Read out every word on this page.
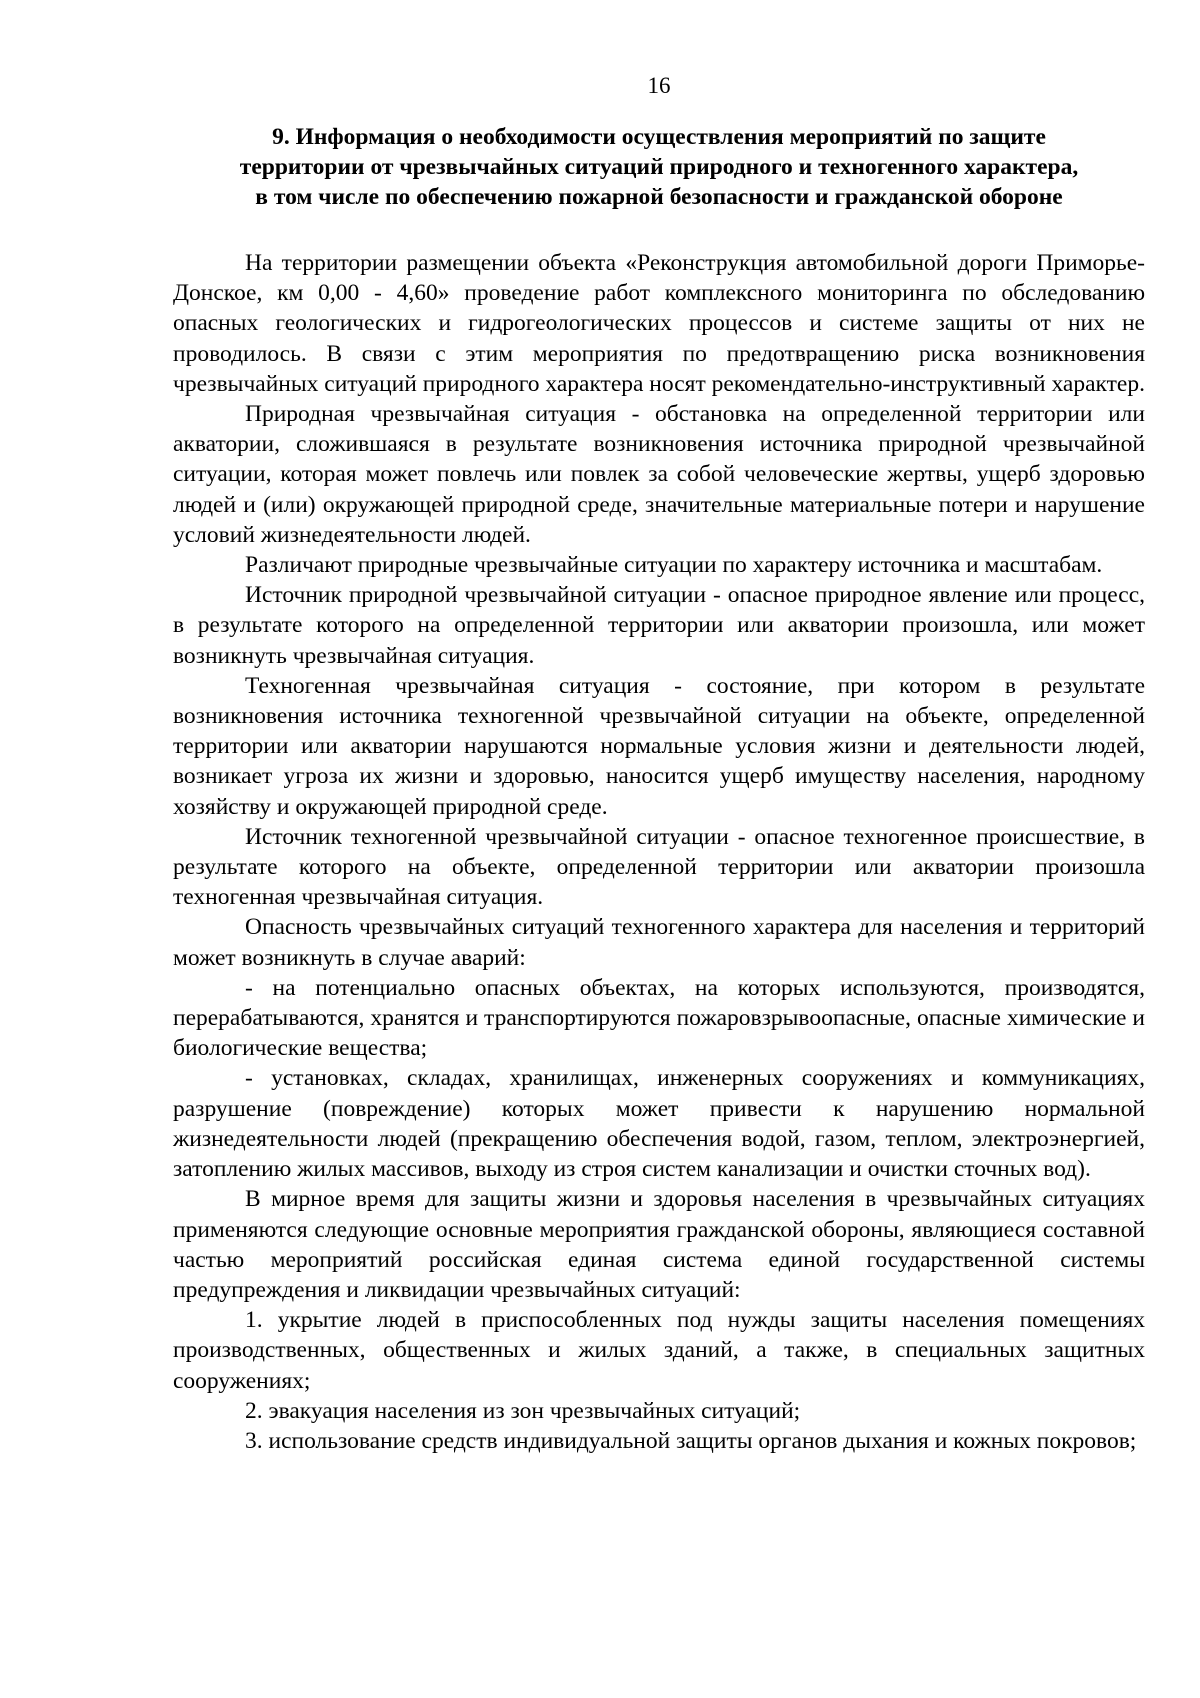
16
9. Информация о необходимости осуществления мероприятий по защите
территории от чрезвычайных ситуаций природного и техногенного характера,
в том числе по обеспечению пожарной безопасности и гражданской обороне

На территории размещении объекта «Реконструкция автомобильной дороги Приморье-Донское, км 0,00 - 4,60» проведение работ комплексного мониторинга по обследованию опасных геологических и гидрогеологических процессов и системе защиты от них не проводилось. В связи с этим мероприятия по предотвращению риска возникновения чрезвычайных ситуаций природного характера носят рекомендательно-инструктивный характер.

Природная чрезвычайная ситуация - обстановка на определенной территории или акватории, сложившаяся в результате возникновения источника природной чрезвычайной ситуации, которая может повлечь или повлек за собой человеческие жертвы, ущерб здоровью людей и (или) окружающей природной среде, значительные материальные потери и нарушение условий жизнедеятельности людей.

Различают природные чрезвычайные ситуации по характеру источника и масштабам.

Источник природной чрезвычайной ситуации - опасное природное явление или процесс, в результате которого на определенной территории или акватории произошла, или может возникнуть чрезвычайная ситуация.

Техногенная чрезвычайная ситуация - состояние, при котором в результате возникновения источника техногенной чрезвычайной ситуации на объекте, определенной территории или акватории нарушаются нормальные условия жизни и деятельности людей, возникает угроза их жизни и здоровью, наносится ущерб имуществу населения, народному хозяйству и окружающей природной среде.

Источник техногенной чрезвычайной ситуации - опасное техногенное происшествие, в результате которого на объекте, определенной территории или акватории произошла техногенная чрезвычайная ситуация.

Опасность чрезвычайных ситуаций техногенного характера для населения и территорий может возникнуть в случае аварий:

- на потенциально опасных объектах, на которых используются, производятся, перерабатываются, хранятся и транспортируются пожаровзрывоопасные, опасные химические и биологические вещества;

- установках, складах, хранилищах, инженерных сооружениях и коммуникациях, разрушение (повреждение) которых может привести к нарушению нормальной жизнедеятельности людей (прекращению обеспечения водой, газом, теплом, электроэнергией, затоплению жилых массивов, выходу из строя систем канализации и очистки сточных вод).

В мирное время для защиты жизни и здоровья населения в чрезвычайных ситуациях применяются следующие основные мероприятия гражданской обороны, являющиеся составной частью мероприятий российская единая система единой государственной системы предупреждения и ликвидации чрезвычайных ситуаций:

1. укрытие людей в приспособленных под нужды защиты населения помещениях производственных, общественных и жилых зданий, а также, в специальных защитных сооружениях;

2. эвакуация населения из зон чрезвычайных ситуаций;

3. использование средств индивидуальной защиты органов дыхания и кожных покровов;
